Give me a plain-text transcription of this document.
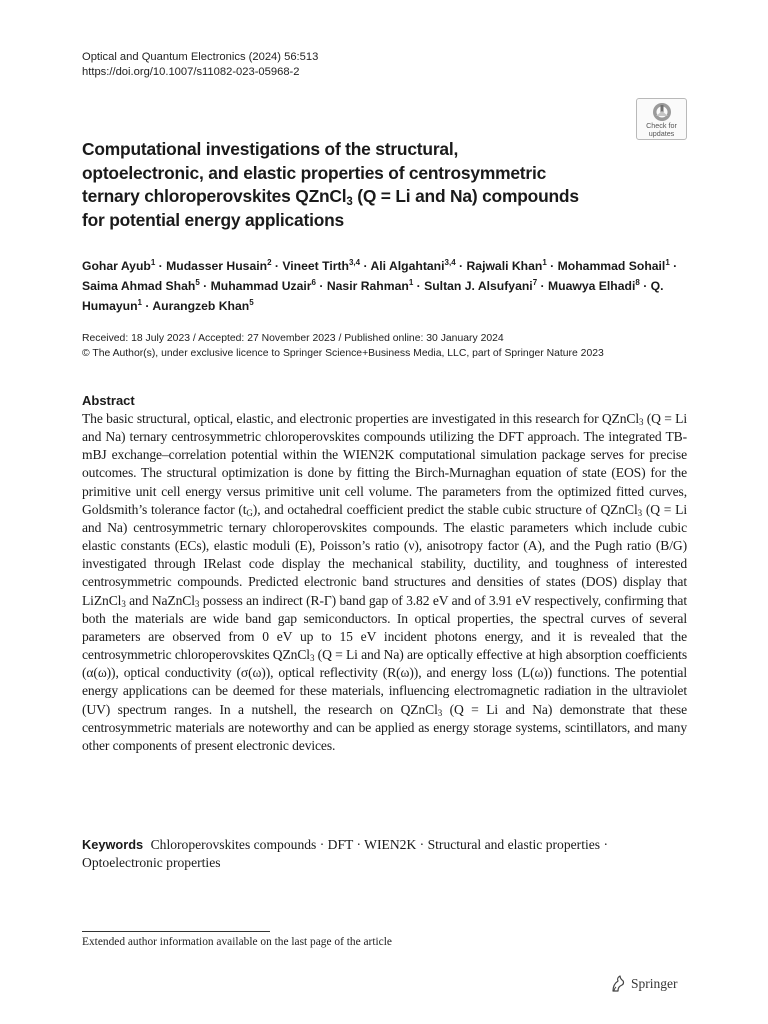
Optical and Quantum Electronics (2024) 56:513
https://doi.org/10.1007/s11082-023-05968-2
Check for
updates
Computational investigations of the structural,
optoelectronic, and elastic properties of centrosymmetric
ternary chloroperovskites QZnCl$_3$ (Q = Li and Na) compounds
for potential energy applications
Gohar Ayub$^1$ · Mudasser Husain$^2$ · Vineet Tirth$^{3,4}$ · Ali Algahtani$^{3,4}$ · Rajwali Khan$^1$ · Mohammad Sohail$^1$ · Saima Ahmad Shah$^5$ · Muhammad Uzair$^6$ · Nasir Rahman$^1$ · Sultan J. Alsufyani$^7$ · Muawya Elhadi$^8$ · Q. Humayun$^1$ · Aurangzeb Khan$^5$
Received: 18 July 2023 / Accepted: 27 November 2023 / Published online: 30 January 2024
© The Author(s), under exclusive licence to Springer Science+Business Media, LLC, part of Springer Nature 2023
Abstract

The basic structural, optical, elastic, and electronic properties are investigated in this research for QZnCl$_3$ (Q = Li and Na) ternary centrosymmetric chloroperovskites compounds utilizing the DFT approach. The integrated TB-mBJ exchange–correlation potential within the WIEN2K computational simulation package serves for precise outcomes. The structural optimization is done by fitting the Birch-Murnaghan equation of state (EOS) for the primitive unit cell energy versus primitive unit cell volume. The parameters from the optimized fitted curves, Goldsmith’s tolerance factor $(t_G)$, and octahedral coefficient predict the stable cubic structure of QZnCl$_3$ (Q = Li and Na) centrosymmetric ternary chloroperovskites compounds. The elastic parameters which include cubic elastic constants (ECs), elastic moduli (E), Poisson’s ratio (ν), anisotropy factor (A), and the Pugh ratio (B/G) investigated through IRelast code display the mechanical stability, ductility, and toughness of interested centrosymmetric compounds. Predicted electronic band structures and densities of states (DOS) display that LiZnCl$_3$ and NaZnCl$_3$ possess an indirect (R-Γ) band gap of 3.82 eV and of 3.91 eV respectively, confirming that both the materials are wide band gap semiconductors. In optical properties, the spectral curves of several parameters are observed from 0 eV up to 15 eV incident photons energy, and it is revealed that the centrosymmetric chloroperovskites QZnCl$_3$ (Q = Li and Na) are optically effective at high absorption coefficients (α(ω)), optical conductivity (σ(ω)), optical reflectivity (R(ω)), and energy loss (L(ω)) functions. The potential energy applications can be deemed for these materials, influencing electromagnetic radiation in the ultraviolet (UV) spectrum ranges. In a nutshell, the research on QZnCl$_3$ (Q = Li and Na) demonstrate that these centrosymmetric materials are noteworthy and can be applied as energy storage systems, scintillators, and many other components of present electronic devices.

Keywords Chloroperovskites compounds · DFT · WIEN2K · Structural and elastic properties · Optoelectronic properties
Extended author information available on the last page of the article
Springer
